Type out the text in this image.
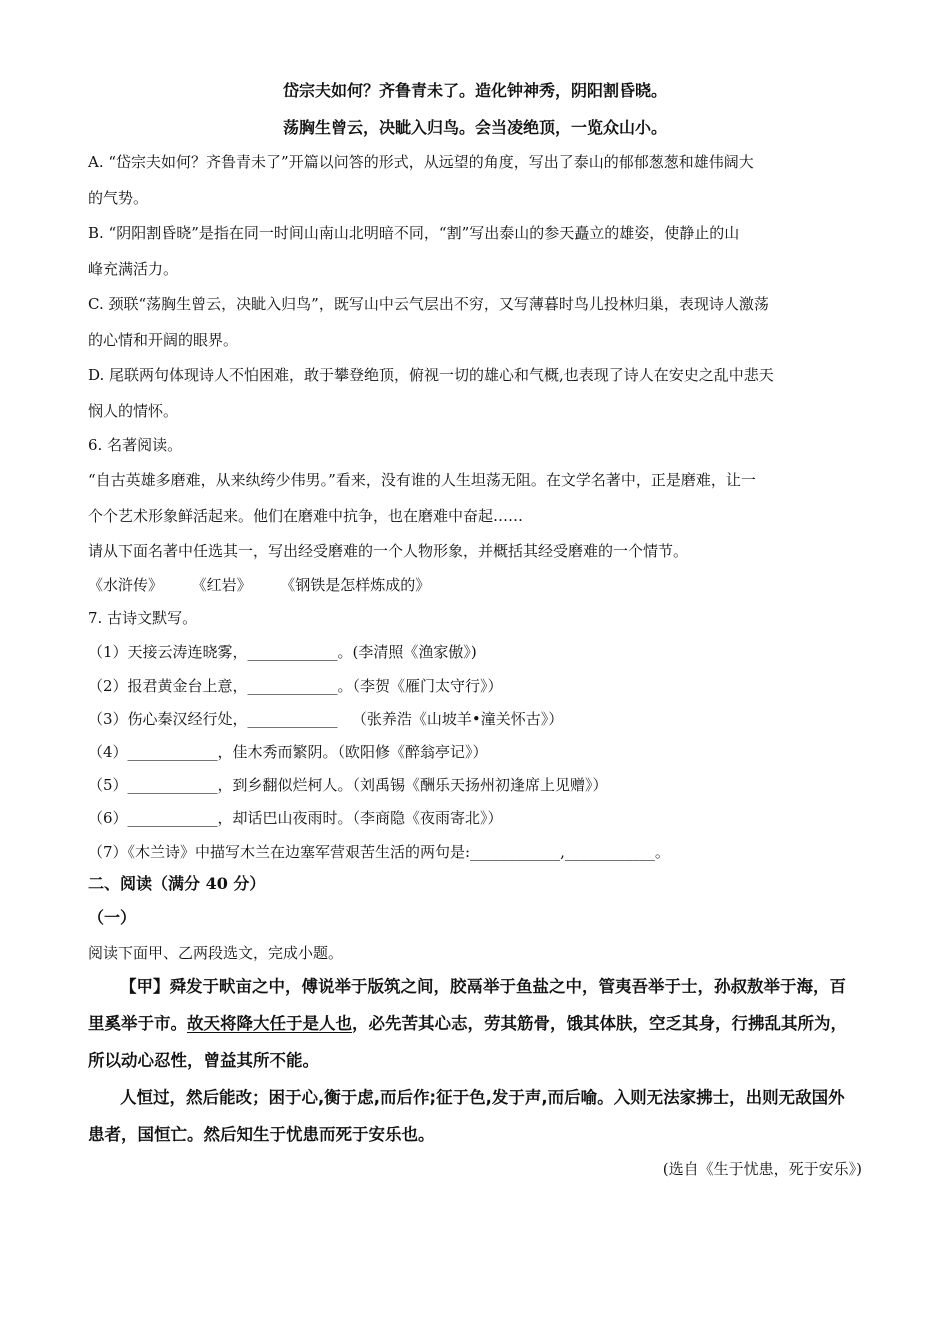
岱宗夫如何？齐鲁青未了。造化钟神秀，阴阳割昏晓。
荡胸生曾云，决眦入归鸟。会当凌绝顶，一览众山小。
A. “岱宗夫如何？齐鲁青未了”开篇以问答的形式，从远望的角度，写出了泰山的郁郁葱葱和雄伟阔大
的气势。
B. “阴阳割昏晓”是指在同一时间山南山北明暗不同，“割”写出泰山的参天矗立的雄姿，使静止的山
峰充满活力。
C. 颈联“荡胸生曾云，决眦入归鸟”，既写山中云气层出不穷，又写薄暮时鸟儿投林归巢，表现诗人激荡
的心情和开阔的眼界。
D. 尾联两句体现诗人不怕困难，敢于攀登绝顶，俯视一切的雄心和气概,也表现了诗人在安史之乱中悲天
悯人的情怀。
6. 名著阅读。
“自古英雄多磨难，从来纨绔少伟男。”看来，没有谁的人生坦荡无阻。在文学名著中，正是磨难，让一
个个艺术形象鲜活起来。他们在磨难中抗争，也在磨难中奋起……
请从下面名著中任选其一，写出经受磨难的一个人物形象，并概括其经受磨难的一个情节。
《水浒传》      《红岩》      《钢铁是怎样炼成的》
7. 古诗文默写。
（1）天接云涛连晓雾，____________。(李清照《渔家傲》)
（2）报君黄金台上意，____________。（李贺《雁门太守行》）
（3）伤心秦汉经行处，____________   （张养浩《山坡羊•潼关怀古》）
（4）____________，佳木秀而繁阴。（欧阳修《醉翁亭记》）
（5）____________，到乡翻似烂柯人。（刘禹锡《酬乐天扬州初逢席上见赠》）
（6）____________，却话巴山夜雨时。（李商隐《夜雨寄北》）
（7）《木兰诗》中描写木兰在边塞军营艰苦生活的两句是:____________,____________。
二、阅读（满分 40 分）
（一）
阅读下面甲、乙两段选文，完成小题。
【甲】舜发于畎亩之中，傅说举于版筑之间，胶鬲举于鱼盐之中，管夷吾举于士，孙叔敖举于海，百
里奚举于市。故天将降大任于是人也，必先苦其心志，劳其筋骨，饿其体肤，空乏其身，行拂乱其所为，
所以动心忍性，曾益其所不能。
人恒过，然后能改；困于心,衡于虑,而后作;征于色,发于声,而后喻。入则无法家拂士，出则无敌国外
患者，国恒亡。然后知生于忧患而死于安乐也。
(选自《生于忧患，死于安乐》)
